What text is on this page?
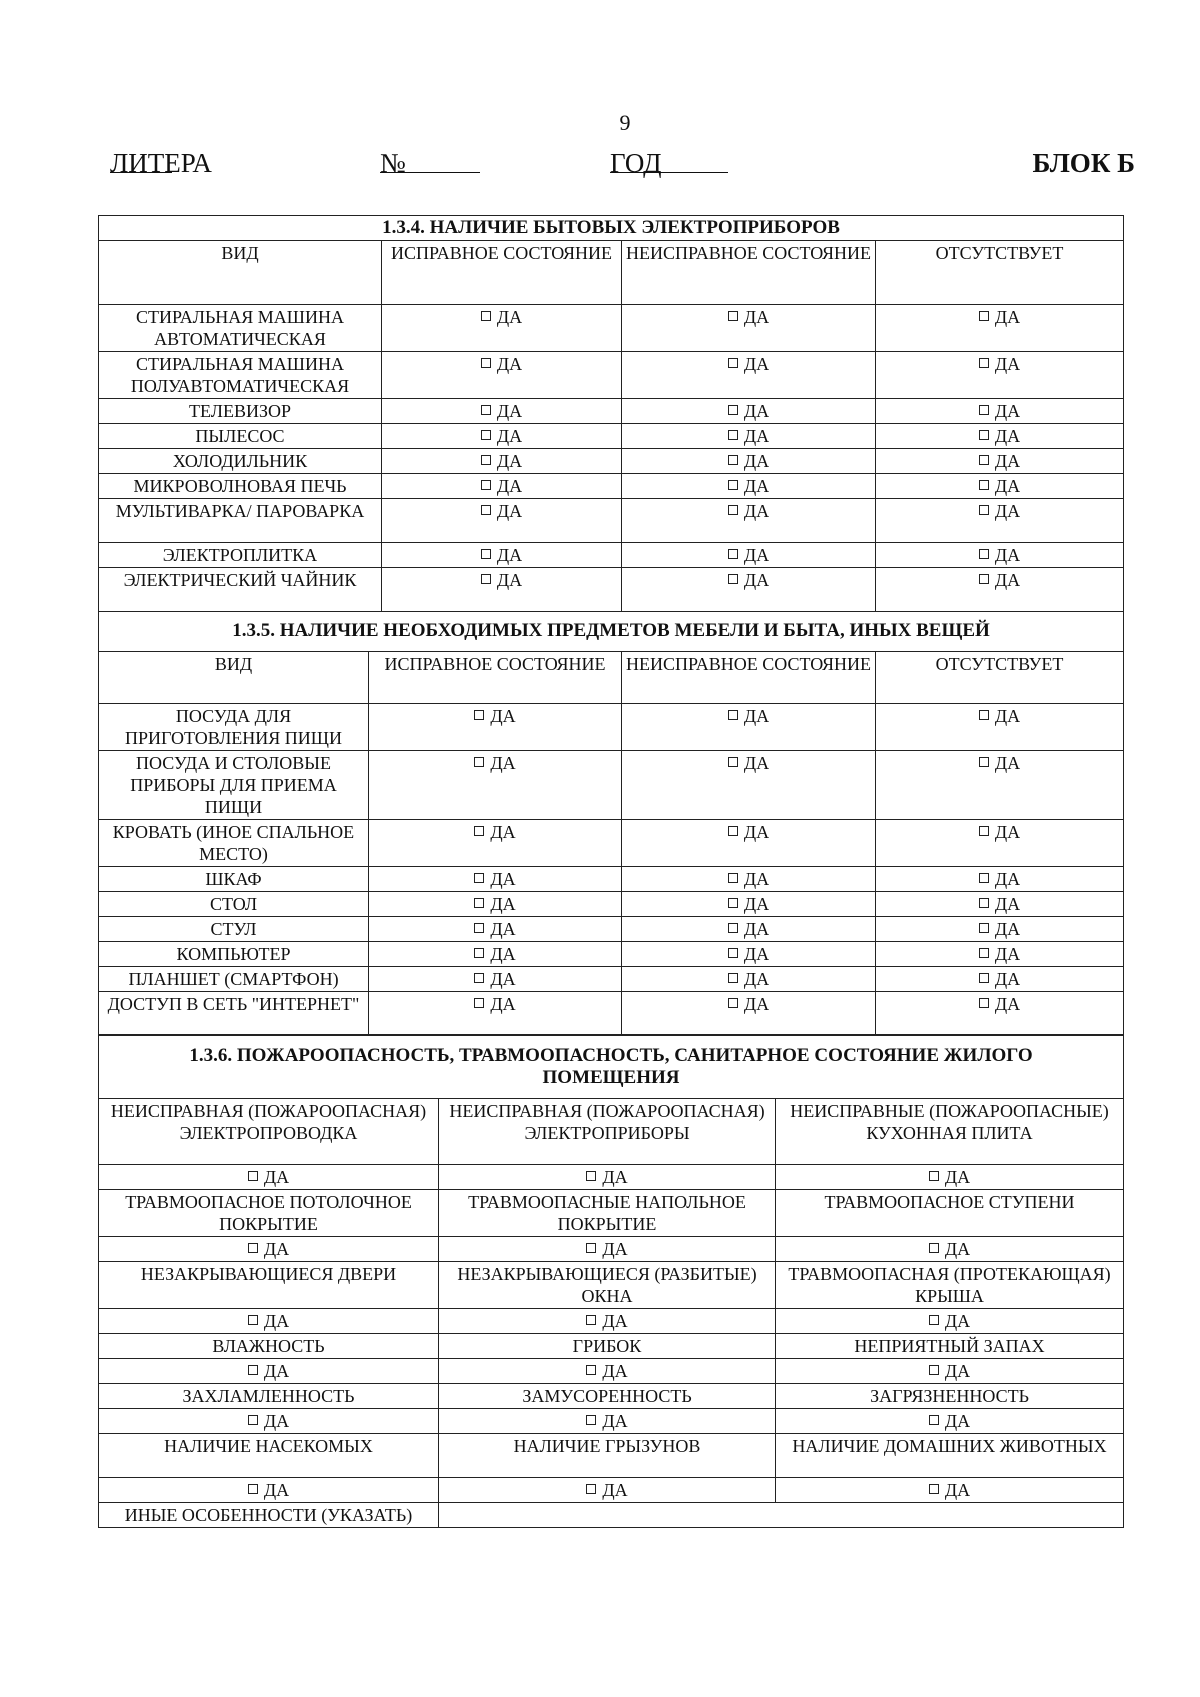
9
ЛИТЕРА	№	ГОД	БЛОК Б
1.3.4. НАЛИЧИЕ БЫТОВЫХ ЭЛЕКТРОПРИБОРОВ			
ВИД	ИСПРАВНОЕ СОСТОЯНИЕ	НЕИСПРАВНОЕ СОСТОЯНИЕ	ОТСУТСТВУЕТ
СТИРАЛЬНАЯ МАШИНА АВТОМАТИЧЕСКАЯ	ДА	ДА	ДА
СТИРАЛЬНАЯ МАШИНА ПОЛУАВТОМАТИЧЕСКАЯ	ДА	ДА	ДА
ТЕЛЕВИЗОР	ДА	ДА	ДА
ПЫЛЕСОС	ДА	ДА	ДА
ХОЛОДИЛЬНИК	ДА	ДА	ДА
МИКРОВОЛНОВАЯ ПЕЧЬ	ДА	ДА	ДА
МУЛЬТИВАРКА/ ПАРОВАРКА	ДА	ДА	ДА
ЭЛЕКТРОПЛИТКА	ДА	ДА	ДА
ЭЛЕКТРИЧЕСКИЙ ЧАЙНИК	ДА	ДА	ДА
1.3.5. НАЛИЧИЕ НЕОБХОДИМЫХ ПРЕДМЕТОВ МЕБЕЛИ И БЫТА, ИНЫХ ВЕЩЕЙ			
ВИД	ИСПРАВНОЕ СОСТОЯНИЕ	НЕИСПРАВНОЕ СОСТОЯНИЕ	ОТСУТСТВУЕТ
ПОСУДА ДЛЯ ПРИГОТОВЛЕНИЯ ПИЩИ	ДА	ДА	ДА
ПОСУДА И СТОЛОВЫЕ ПРИБОРЫ ДЛЯ ПРИЕМА ПИЩИ	ДА	ДА	ДА
КРОВАТЬ (ИНОЕ СПАЛЬНОЕ МЕСТО)	ДА	ДА	ДА
ШКАФ	ДА	ДА	ДА
СТОЛ	ДА	ДА	ДА
СТУЛ	ДА	ДА	ДА
КОМПЬЮТЕР	ДА	ДА	ДА
ПЛАНШЕТ (СМАРТФОН)	ДА	ДА	ДА
ДОСТУП В СЕТЬ "ИНТЕРНЕТ"	ДА	ДА	ДА
1.3.6. ПОЖАРООПАСНОСТЬ, ТРАВМООПАСНОСТЬ, САНИТАРНОЕ СОСТОЯНИЕ ЖИЛОГО ПОМЕЩЕНИЯ		
НЕИСПРАВНАЯ (ПОЖАРООПАСНАЯ) ЭЛЕКТРОПРОВОДКА	НЕИСПРАВНАЯ (ПОЖАРООПАСНАЯ) ЭЛЕКТРОПРИБОРЫ	НЕИСПРАВНЫЕ (ПОЖАРООПАСНЫЕ) КУХОННАЯ ПЛИТА
ДА	ДА	ДА
ТРАВМООПАСНОЕ ПОТОЛОЧНОЕ ПОКРЫТИЕ	ТРАВМООПАСНЫЕ НАПОЛЬНОЕ ПОКРЫТИЕ	ТРАВМООПАСНОЕ СТУПЕНИ
ДА	ДА	ДА
НЕЗАКРЫВАЮЩИЕСЯ ДВЕРИ	НЕЗАКРЫВАЮЩИЕСЯ (РАЗБИТЫЕ) ОКНА	ТРАВМООПАСНАЯ (ПРОТЕКАЮЩАЯ) КРЫША
ДА	ДА	ДА
ВЛАЖНОСТЬ	ГРИБОК	НЕПРИЯТНЫЙ ЗАПАХ
ДА	ДА	ДА
ЗАХЛАМЛЕННОСТЬ	ЗАМУСОРЕННОСТЬ	ЗАГРЯЗНЕННОСТЬ
ДА	ДА	ДА
НАЛИЧИЕ НАСЕКОМЫХ	НАЛИЧИЕ ГРЫЗУНОВ	НАЛИЧИЕ ДОМАШНИХ ЖИВОТНЫХ
ДА	ДА	ДА
ИНЫЕ ОСОБЕННОСТИ (УКАЗАТЬ)		
